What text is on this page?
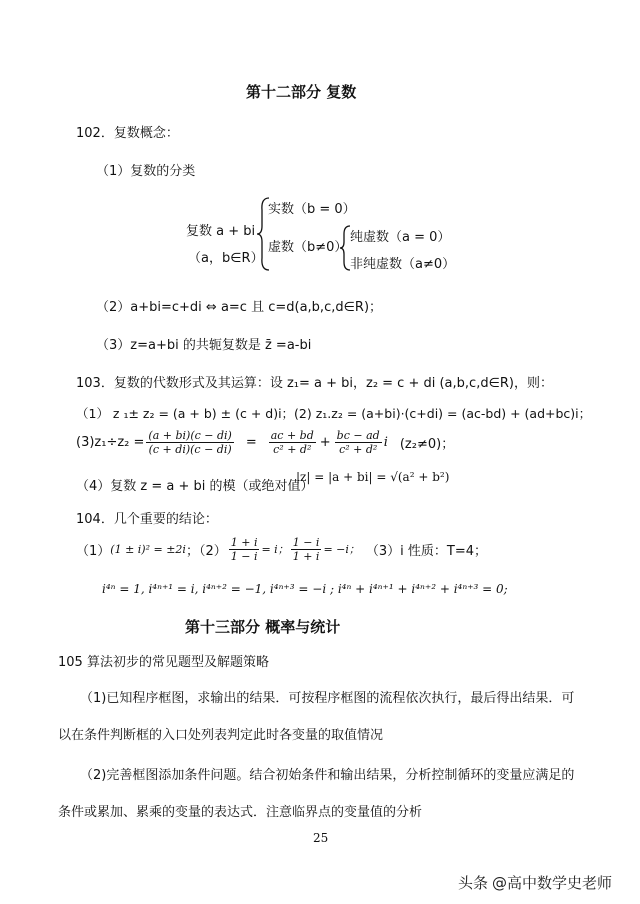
第十二部分 复数
102．复数概念：
（1）复数的分类
复数 a + bi
（a，b∈R）
实数（b = 0）
虚数（b≠0）
纯虚数（a = 0）
非纯虚数（a≠0）
（2）a+bi=c+di ⇔ a=c 且 c=d(a,b,c,d∈R)；
（3）z=a+bi 的共轭复数是 z̄ =a-bi
103．复数的代数形式及其运算：设 z₁= a + bi，z₂ = c + di (a,b,c,d∈R)，则：
（1） z ₁± z₂ = (a + b) ± (c + d)i；(2) z₁.z₂ = (a+bi)·(c+di) = (ac-bd) + (ad+bc)i；
$(3)z_1\div z_2 = \frac{(a + bi)(c - di)}{(c + di)(c - di)} = \frac{ac + bd}{\text{c² + d²}} + \frac{bc - ad}{\text{c² + d²}}$ i (z₂≠0)；
（4）复数 z = a + bi 的模（或绝对值）
|z| = |a + bi| = √(a² + b²)
104．几个重要的结论：
（1） (1 ± i)² = ±2i ；$(2) \frac{1 + i}{1 - i} = i$； $\frac{1 - i}{1 + i} = -i$； （3） i 性质：T=4；
i⁴ⁿ = 1, i⁴ⁿ⁺¹ = i, i⁴ⁿ⁺² = −1, i⁴ⁿ⁺³ = −i ; i⁴ⁿ + i⁴ⁿ⁺¹ + i⁴ⁿ⁺² + i⁴ⁿ⁺³ = 0;
第十三部分 概率与统计
105 算法初步的常见题型及解题策略
（1)已知程序框图，求输出的结果．可按程序框图的流程依次执行，最后得出结果．可
以在条件判断框的入口处列表判定此时各变量的取值情况
（2)完善框图添加条件问题。结合初始条件和输出结果，分析控制循环的变量应满足的
条件或累加、累乘的变量的表达式．注意临界点的变量值的分析
25
头条 @高中数学史老师
